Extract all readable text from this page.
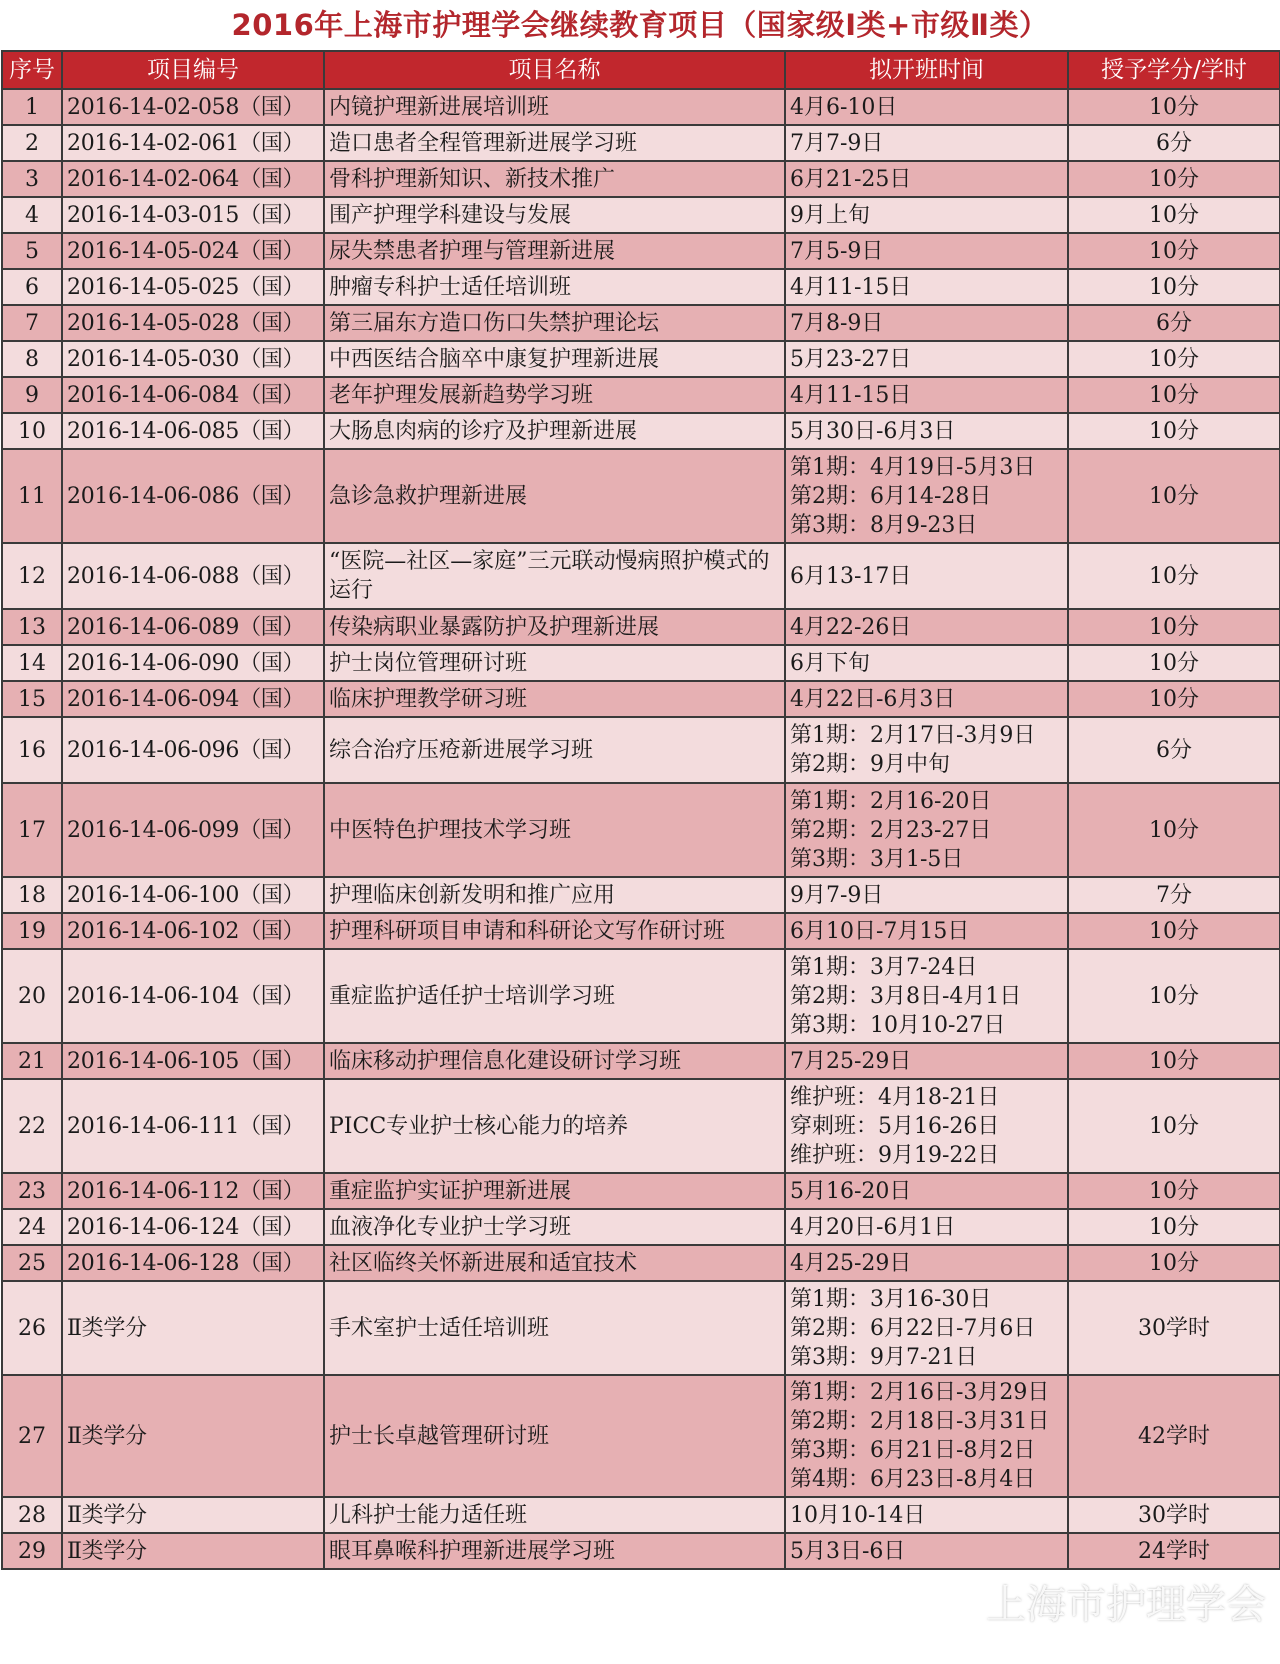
2016年上海市护理学会继续教育项目（国家级Ⅰ类+市级Ⅱ类）
序号	项目编号	项目名称	拟开班时间	授予学分/学时
1	2016-14-02-058（国）	内镜护理新进展培训班	4月6-10日	10分
2	2016-14-02-061（国）	造口患者全程管理新进展学习班	7月7-9日	6分
3	2016-14-02-064（国）	骨科护理新知识、新技术推广	6月21-25日	10分
4	2016-14-03-015（国）	围产护理学科建设与发展	9月上旬	10分
5	2016-14-05-024（国）	尿失禁患者护理与管理新进展	7月5-9日	10分
6	2016-14-05-025（国）	肿瘤专科护士适任培训班	4月11-15日	10分
7	2016-14-05-028（国）	第三届东方造口伤口失禁护理论坛	7月8-9日	6分
8	2016-14-05-030（国）	中西医结合脑卒中康复护理新进展	5月23-27日	10分
9	2016-14-06-084（国）	老年护理发展新趋势学习班	4月11-15日	10分
10	2016-14-06-085（国）	大肠息肉病的诊疗及护理新进展	5月30日-6月3日	10分
11	2016-14-06-086（国）	急诊急救护理新进展	第1期：4月19日-5月3日
第2期：6月14-28日
第3期：8月9-23日	10分
12	2016-14-06-088（国）	“医院—社区—家庭”三元联动慢病照护模式的运行	6月13-17日	10分
13	2016-14-06-089（国）	传染病职业暴露防护及护理新进展	4月22-26日	10分
14	2016-14-06-090（国）	护士岗位管理研讨班	6月下旬	10分
15	2016-14-06-094（国）	临床护理教学研习班	4月22日-6月3日	10分
16	2016-14-06-096（国）	综合治疗压疮新进展学习班	第1期：2月17日-3月9日
第2期：9月中旬	6分
17	2016-14-06-099（国）	中医特色护理技术学习班	第1期：2月16-20日
第2期：2月23-27日
第3期：3月1-5日	10分
18	2016-14-06-100（国）	护理临床创新发明和推广应用	9月7-9日	7分
19	2016-14-06-102（国）	护理科研项目申请和科研论文写作研讨班	6月10日-7月15日	10分
20	2016-14-06-104（国）	重症监护适任护士培训学习班	第1期：3月7-24日
第2期：3月8日-4月1日
第3期：10月10-27日	10分
21	2016-14-06-105（国）	临床移动护理信息化建设研讨学习班	7月25-29日	10分
22	2016-14-06-111（国）	PICC专业护士核心能力的培养	维护班：4月18-21日
穿刺班：5月16-26日
维护班：9月19-22日	10分
23	2016-14-06-112（国）	重症监护实证护理新进展	5月16-20日	10分
24	2016-14-06-124（国）	血液净化专业护士学习班	4月20日-6月1日	10分
25	2016-14-06-128（国）	社区临终关怀新进展和适宜技术	4月25-29日	10分
26	Ⅱ类学分	手术室护士适任培训班	第1期：3月16-30日
第2期：6月22日-7月6日
第3期：9月7-21日	30学时
27	Ⅱ类学分	护士长卓越管理研讨班	第1期：2月16日-3月29日
第2期：2月18日-3月31日
第3期：6月21日-8月2日
第4期：6月23日-8月4日	42学时
28	Ⅱ类学分	儿科护士能力适任班	10月10-14日	30学时
29	Ⅱ类学分	眼耳鼻喉科护理新进展学习班	5月3日-6日	24学时
上海市护理学会
